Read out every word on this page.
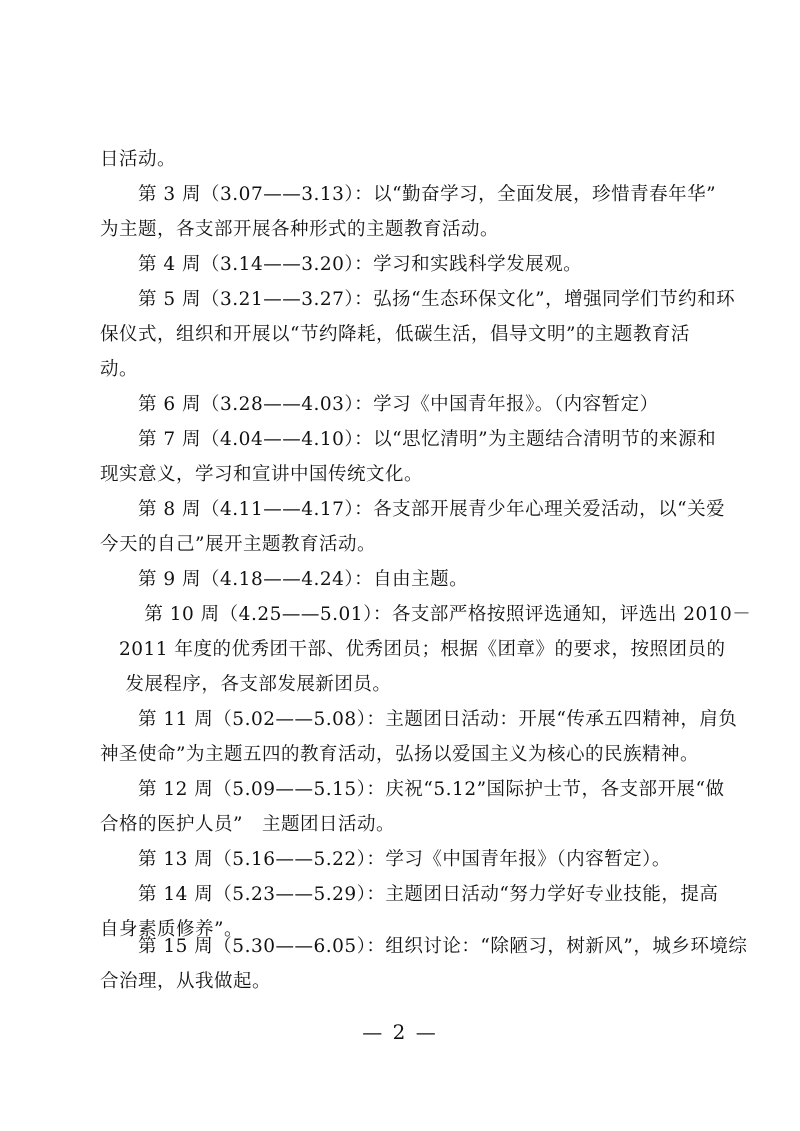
日活动。
　　第 3 周（3.07——3.13）：以“勤奋学习，全面发展，珍惜青春年华”
为主题，各支部开展各种形式的主题教育活动。
　　第 4 周（3.14——3.20）：学习和实践科学发展观。
　　第 5 周（3.21——3.27）：弘扬“生态环保文化”，增强同学们节约和环
保仪式，组织和开展以“节约降耗，低碳生活，倡导文明”的主题教育活
动。
　　第 6 周（3.28——4.03）：学习《中国青年报》。（内容暂定）
　　第 7 周（4.04——4.10）：以“思忆清明”为主题结合清明节的来源和
现实意义，学习和宣讲中国传统文化。
　　第 8 周（4.11——4.17）：各支部开展青少年心理关爱活动，以“关爱
今天的自己”展开主题教育活动。
　　第 9 周（4.18——4.24）：自由主题。
　　 第 10 周（4.25——5.01）：各支部严格按照评选通知，评选出 2010－
　2011 年度的优秀团干部、优秀团员；根据《团章》的要求，按照团员的
　 发展程序，各支部发展新团员。
　　第 11 周（5.02——5.08）：主题团日活动：开展“传承五四精神，肩负
神圣使命”为主题五四的教育活动，弘扬以爱国主义为核心的民族精神。
　　第 12 周（5.09——5.15）：庆祝“5.12”国际护士节，各支部开展“做
合格的医护人员”　主题团日活动。
　　第 13 周（5.16——5.22）：学习《中国青年报》（内容暂定）。
　　第 14 周（5.23——5.29）：主题团日活动“努力学好专业技能，提高
自身素质修养”。
　　第 15 周（5.30——6.05）：组织讨论：“除陋习，树新风”，城乡环境综
合治理，从我做起。
— 2 —
